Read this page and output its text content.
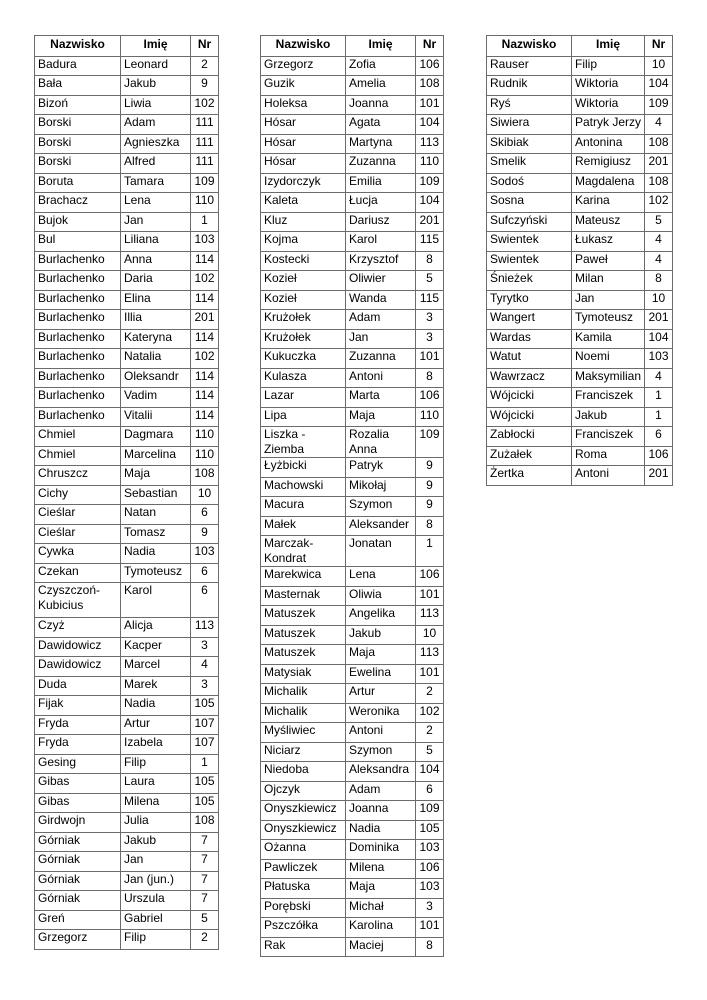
Nazwisko	Imię	Nr
Badura	Leonard	2
Bała	Jakub	9
Bizoń	Liwia	102
Borski	Adam	111
Borski	Agnieszka	111
Borski	Alfred	111
Boruta	Tamara	109
Brachacz	Lena	110
Bujok	Jan	1
Bul	Liliana	103
Burlachenko	Anna	114
Burlachenko	Daria	102
Burlachenko	Elina	114
Burlachenko	Illia	201
Burlachenko	Kateryna	114
Burlachenko	Natalia	102
Burlachenko	Oleksandr	114
Burlachenko	Vadim	114
Burlachenko	Vitalii	114
Chmiel	Dagmara	110
Chmiel	Marcelina	110
Chruszcz	Maja	108
Cichy	Sebastian	10
Cieślar	Natan	6
Cieślar	Tomasz	9
Cywka	Nadia	103
Czekan	Tymoteusz	6
Czyszczoń-Kubicius	Karol	6
Czyż	Alicja	113
Dawidowicz	Kacper	3
Dawidowicz	Marcel	4
Duda	Marek	3
Fijak	Nadia	105
Fryda	Artur	107
Fryda	Izabela	107
Gesing	Filip	1
Gibas	Laura	105
Gibas	Milena	105
Girdwojn	Julia	108
Górniak	Jakub	7
Górniak	Jan	7
Górniak	Jan (jun.)	7
Górniak	Urszula	7
Greń	Gabriel	5
Grzegorz	Filip	2
Nazwisko	Imię	Nr
Grzegorz	Zofia	106
Guzik	Amelia	108
Holeksa	Joanna	101
Hósar	Agata	104
Hósar	Martyna	113
Hósar	Zuzanna	110
Izydorczyk	Emilia	109
Kaleta	Łucja	104
Kluz	Dariusz	201
Kojma	Karol	115
Kostecki	Krzysztof	8
Kozieł	Oliwier	5
Kozieł	Wanda	115
Krużołek	Adam	3
Krużołek	Jan	3
Kukuczka	Zuzanna	101
Kulasza	Antoni	8
Lazar	Marta	106
Lipa	Maja	110
Liszka - Ziemba	Rozalia Anna	109
Łyżbicki	Patryk	9
Machowski	Mikołaj	9
Macura	Szymon	9
Małek	Aleksander	8
Marczak-Kondrat	Jonatan	1
Marekwica	Lena	106
Masternak	Oliwia	101
Matuszek	Angelika	113
Matuszek	Jakub	10
Matuszek	Maja	113
Matysiak	Ewelina	101
Michalik	Artur	2
Michalik	Weronika	102
Myśliwiec	Antoni	2
Niciarz	Szymon	5
Niedoba	Aleksandra	104
Ojczyk	Adam	6
Onyszkiewicz	Joanna	109
Onyszkiewicz	Nadia	105
Ożanna	Dominika	103
Pawliczek	Milena	106
Płatuska	Maja	103
Porębski	Michał	3
Pszczółka	Karolina	101
Rak	Maciej	8
Nazwisko	Imię	Nr
Rauser	Filip	10
Rudnik	Wiktoria	104
Ryś	Wiktoria	109
Siwiera	Patryk Jerzy	4
Skibiak	Antonina	108
Smelik	Remigiusz	201
Sodoś	Magdalena	108
Sosna	Karina	102
Sufczyński	Mateusz	5
Swientek	Łukasz	4
Swientek	Paweł	4
Śnieżek	Milan	8
Tyrytko	Jan	10
Wangert	Tymoteusz	201
Wardas	Kamila	104
Watut	Noemi	103
Wawrzacz	Maksymilian	4
Wójcicki	Franciszek	1
Wójcicki	Jakub	1
Zabłocki	Franciszek	6
Zużałek	Roma	106
Żertka	Antoni	201
